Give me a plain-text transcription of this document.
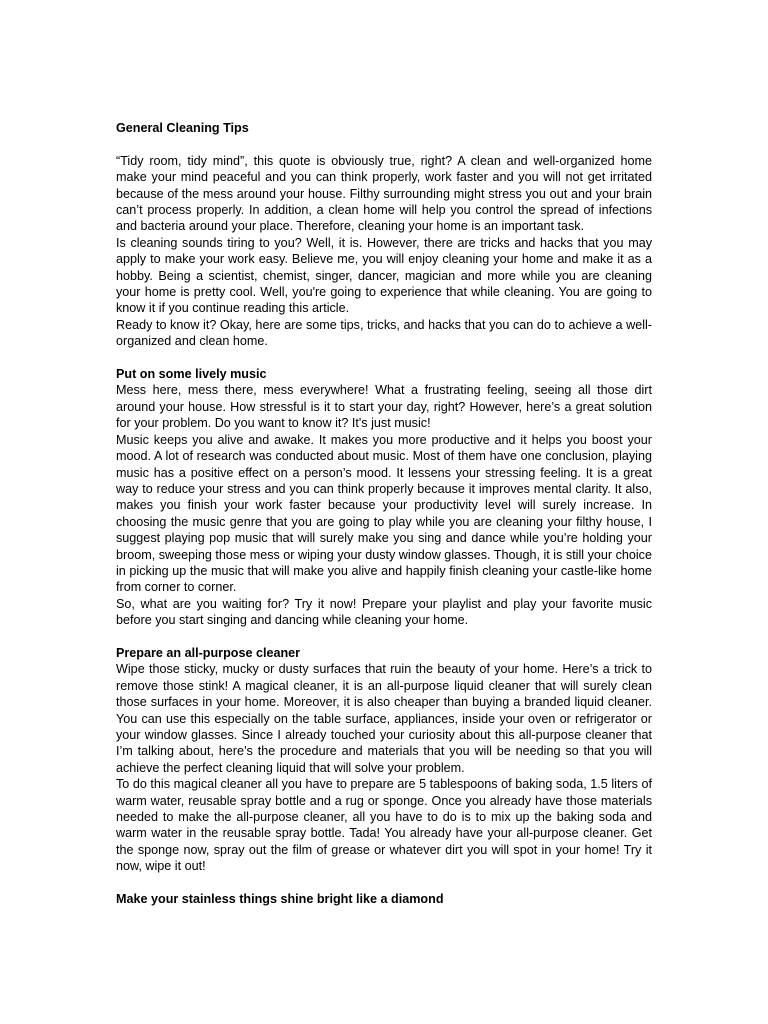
General Cleaning Tips

“Tidy room, tidy mind”, this quote is obviously true, right? A clean and well-organized home make your mind peaceful and you can think properly, work faster and you will not get irritated because of the mess around your house. Filthy surrounding might stress you out and your brain can’t process properly. In addition, a clean home will help you control the spread of infections and bacteria around your place. Therefore, cleaning your home is an important task.

Is cleaning sounds tiring to you? Well, it is. However, there are tricks and hacks that you may apply to make your work easy. Believe me, you will enjoy cleaning your home and make it as a hobby. Being a scientist, chemist, singer, dancer, magician and more while you are cleaning your home is pretty cool. Well, you're going to experience that while cleaning. You are going to know it if you continue reading this article.

Ready to know it? Okay, here are some tips, tricks, and hacks that you can do to achieve a well-organized and clean home.

Put on some lively music

Mess here, mess there, mess everywhere! What a frustrating feeling, seeing all those dirt around your house. How stressful is it to start your day, right? However, here’s a great solution for your problem. Do you want to know it? It's just music!

Music keeps you alive and awake. It makes you more productive and it helps you boost your mood. A lot of research was conducted about music. Most of them have one conclusion, playing music has a positive effect on a person’s mood. It lessens your stressing feeling. It is a great way to reduce your stress and you can think properly because it improves mental clarity. It also, makes you finish your work faster because your productivity level will surely increase. In choosing the music genre that you are going to play while you are cleaning your filthy house, I suggest playing pop music that will surely make you sing and dance while you’re holding your broom, sweeping those mess or wiping your dusty window glasses. Though, it is still your choice in picking up the music that will make you alive and happily finish cleaning your castle-like home from corner to corner.

So, what are you waiting for? Try it now! Prepare your playlist and play your favorite music before you start singing and dancing while cleaning your home.

Prepare an all-purpose cleaner

Wipe those sticky, mucky or dusty surfaces that ruin the beauty of your home. Here’s a trick to remove those stink! A magical cleaner, it is an all-purpose liquid cleaner that will surely clean those surfaces in your home. Moreover, it is also cheaper than buying a branded liquid cleaner. You can use this especially on the table surface, appliances, inside your oven or refrigerator or your window glasses. Since I already touched your curiosity about this all-purpose cleaner that I’m talking about, here’s the procedure and materials that you will be needing so that you will achieve the perfect cleaning liquid that will solve your problem.

To do this magical cleaner all you have to prepare are 5 tablespoons of baking soda, 1.5 liters of warm water, reusable spray bottle and a rug or sponge. Once you already have those materials needed to make the all-purpose cleaner, all you have to do is to mix up the baking soda and warm water in the reusable spray bottle. Tada! You already have your all-purpose cleaner. Get the sponge now, spray out the film of grease or whatever dirt you will spot in your home! Try it now, wipe it out!

Make your stainless things shine bright like a diamond
